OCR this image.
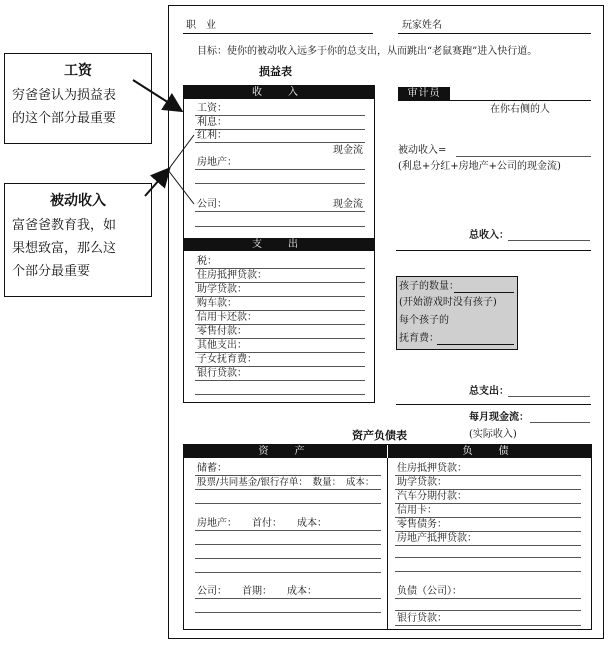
职　业	玩家姓名
目标：使你的被动收入远多于你的总支出，从而跳出“老鼠赛跑”进入快行道。
损益表
收　入
工资：
利息：
红利：
现金流
房地产：
公司：	现金流
支　出
税：
住房抵押贷款：
助学贷款：
购车款：
信用卡还款：
零售付款：
其他支出：
子女抚育费：
银行贷款：
审计员
在你右侧的人
被动收入=
(利息+分红+房地产+公司的现金流)
总收入：
孩子的数量：
(开始游戏时没有孩子)
每个孩子的
抚育费：
总支出：
每月现金流：
(实际收入)
资产负债表
资　产	负　债
储蓄：
股票/共同基金/银行存单：　数量：　成本：
房地产：　　首付：　　成本：
公司：　　首期：　　成本：
住房抵押贷款：
助学贷款：
汽车分期付款：
信用卡：
零售债务：
房地产抵押贷款：
负债（公司）：
银行贷款：
工资
穷爸爸认为损益表
的这个部分最重要
被动收入
富爸爸教育我，如
果想致富，那么这
个部分最重要
